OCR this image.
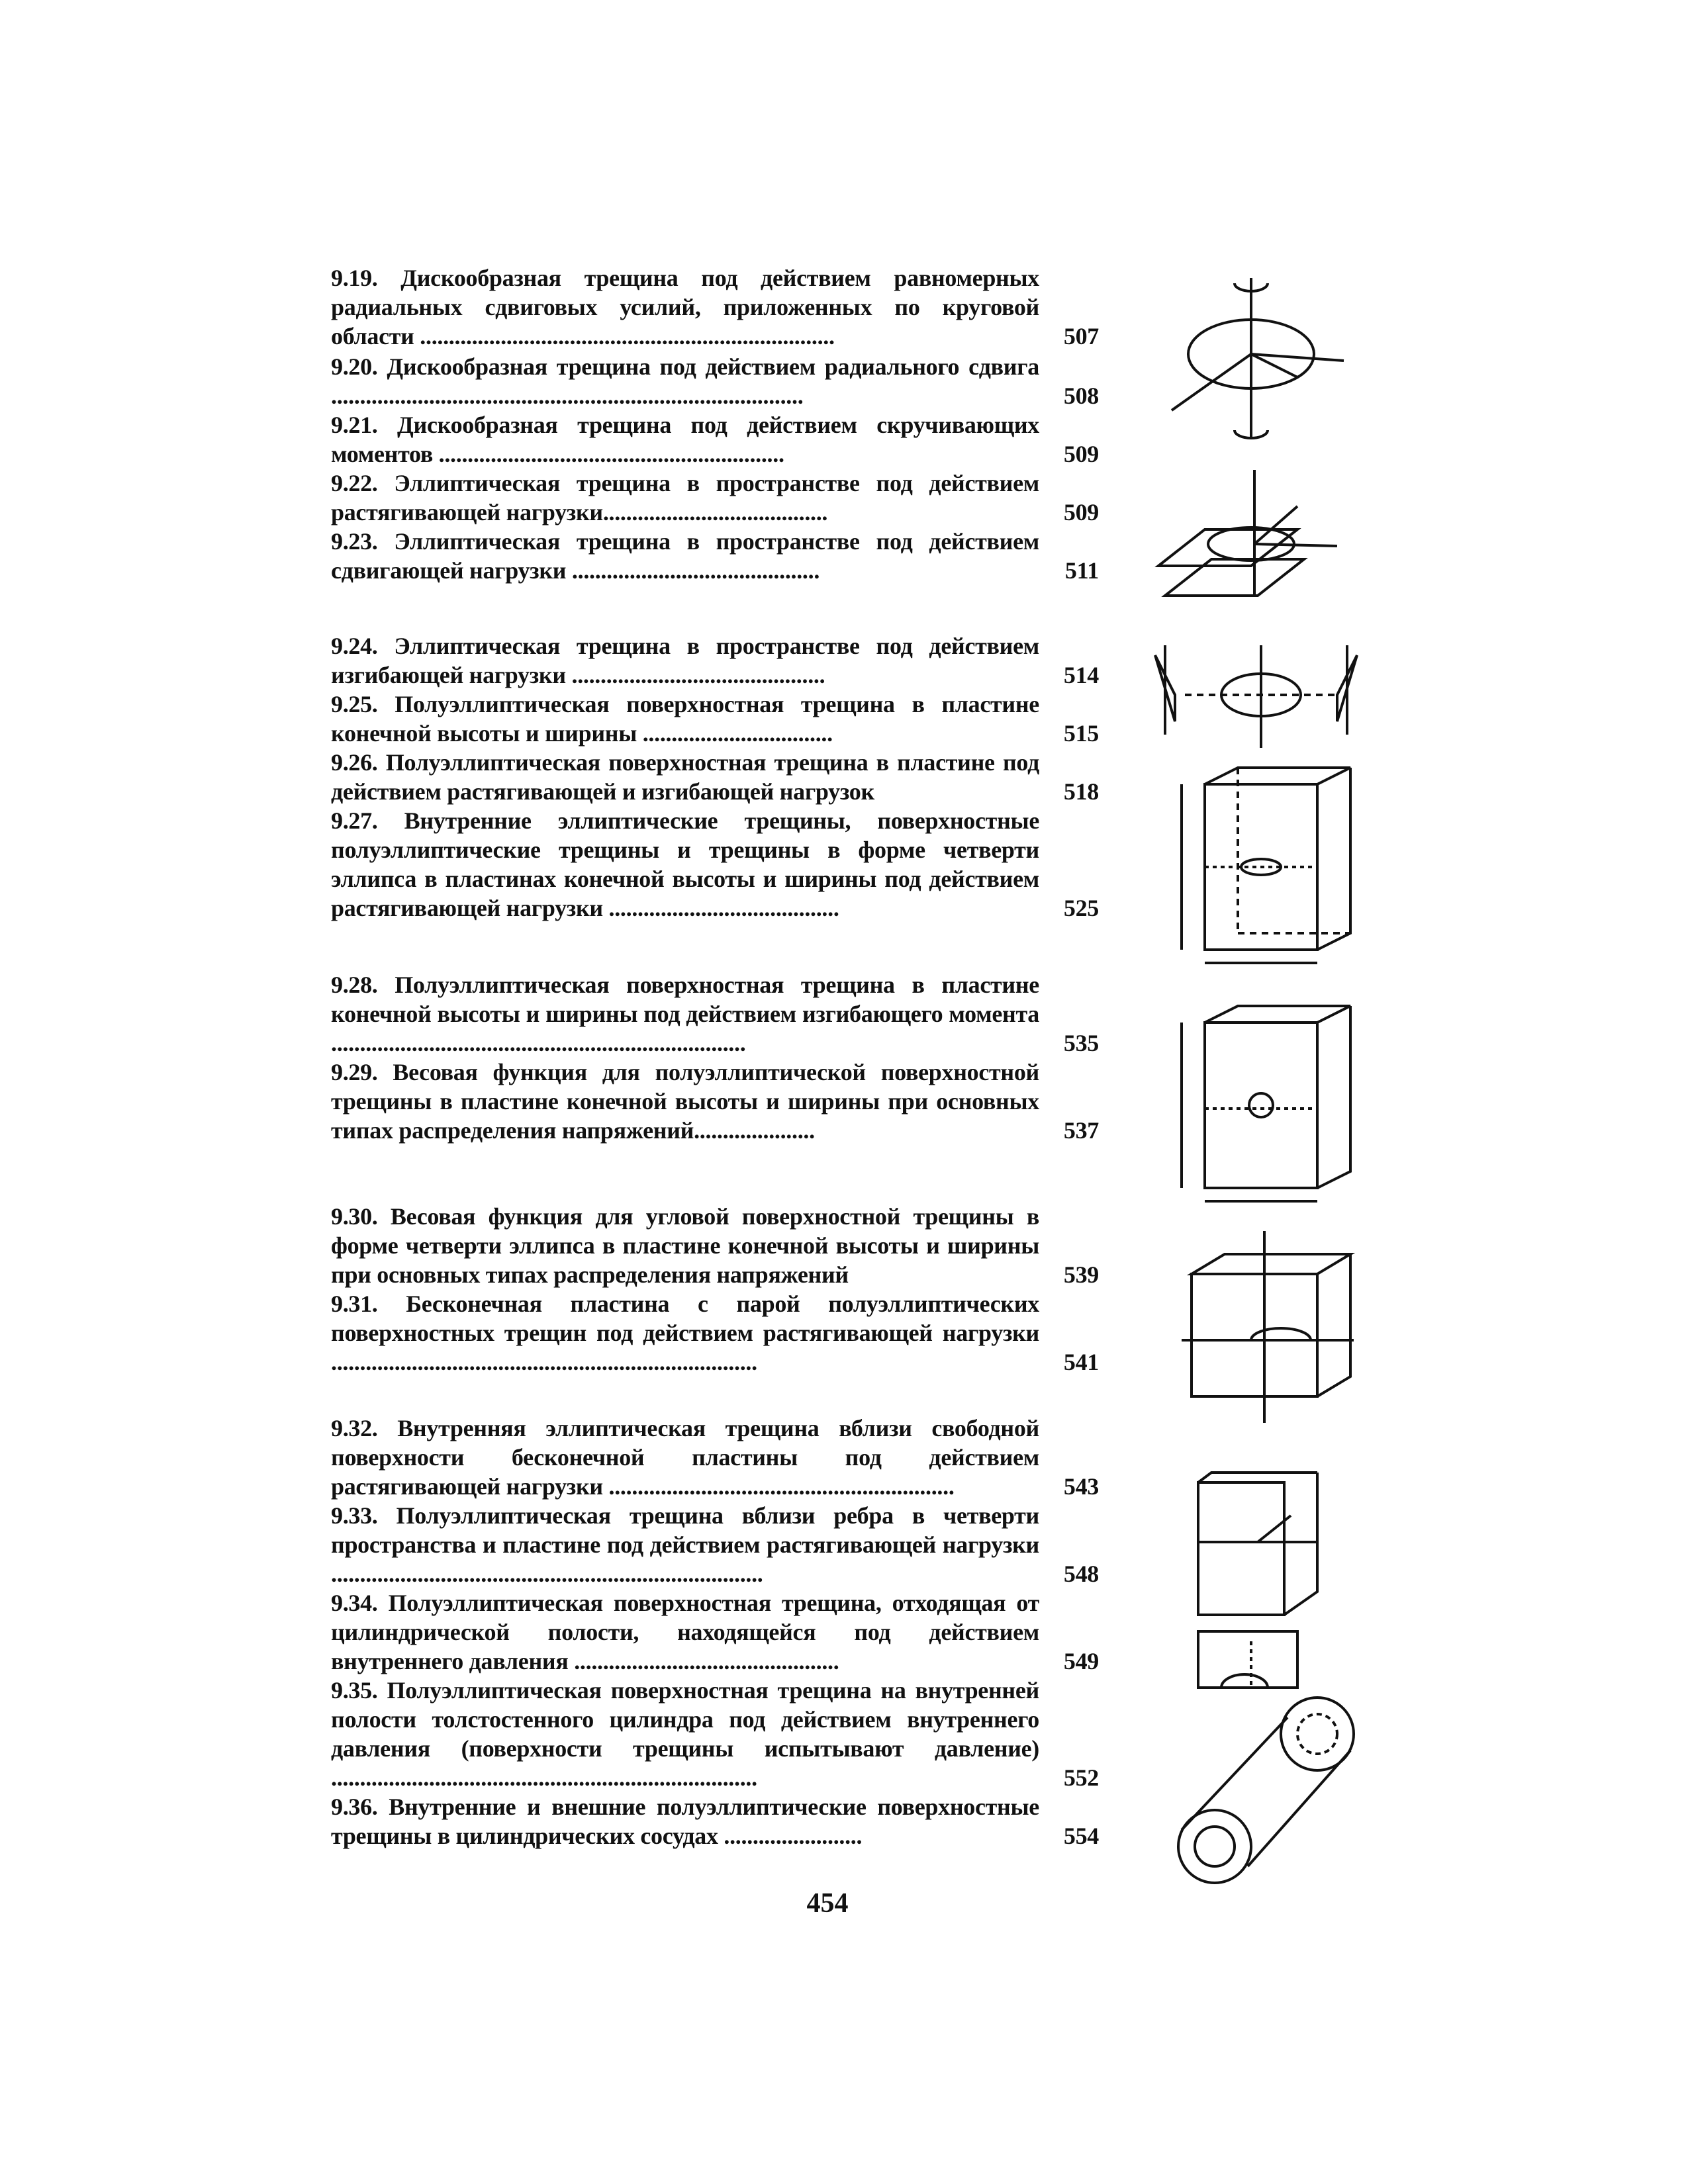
9.19. Дискообразная трещина под действием равномерных радиальных сдвиговых усилий, приложенных по круговой области ........................................................................	507
9.20. Дискообразная трещина под действием радиального сдвига ..................................................................................	508
9.21. Дискообразная трещина под действием скручивающих моментов ............................................................	509
9.22. Эллиптическая трещина в пространстве под действием растягивающей нагрузки.......................................	509
9.23. Эллиптическая трещина в пространстве под действием сдвигающей нагрузки ...........................................	511
9.24. Эллиптическая трещина в пространстве под действием изгибающей нагрузки ............................................	514
9.25. Полуэллиптическая поверхностная трещина в пластине конечной высоты и ширины .................................	515
9.26. Полуэллиптическая поверхностная трещина в пластине под действием растягивающей и изгибающей нагрузок	518
9.27. Внутренние эллиптические трещины, поверхностные полуэллиптические трещины и трещины в форме четверти эллипса в пластинах конечной высоты и ширины под действием растягивающей нагрузки ........................................	525
9.28. Полуэллиптическая поверхностная трещина в пластине конечной высоты и ширины под действием изгибающего момента ........................................................................	535
9.29. Весовая функция для полуэллиптической поверхностной трещины в пластине конечной высоты и ширины при основных типах распределения напряжений.....................	537
9.30. Весовая функция для угловой поверхностной трещины в форме четверти эллипса в пластине конечной высоты и ширины при основных типах распределения напряжений	539
9.31. Бесконечная пластина с парой полуэллиптических поверхностных трещин под действием растягивающей нагрузки ..........................................................................	541
9.32. Внутренняя эллиптическая трещина вблизи свободной поверхности бесконечной пластины под действием растягивающей нагрузки ............................................................	543
9.33. Полуэллиптическая трещина вблизи ребра в четверти пространства и пластине под действием растягивающей нагрузки ...........................................................................	548
9.34. Полуэллиптическая поверхностная трещина, отходящая от цилиндрической полости, находящейся под действием внутреннего давления ..............................................	549
9.35. Полуэллиптическая поверхностная трещина на внутренней полости толстостенного цилиндра под действием внутреннего давления (поверхности трещины испытывают давление) ..........................................................................	552
9.36. Внутренние и внешние полуэллиптические поверхностные трещины в цилиндрических сосудах ........................	554
454
